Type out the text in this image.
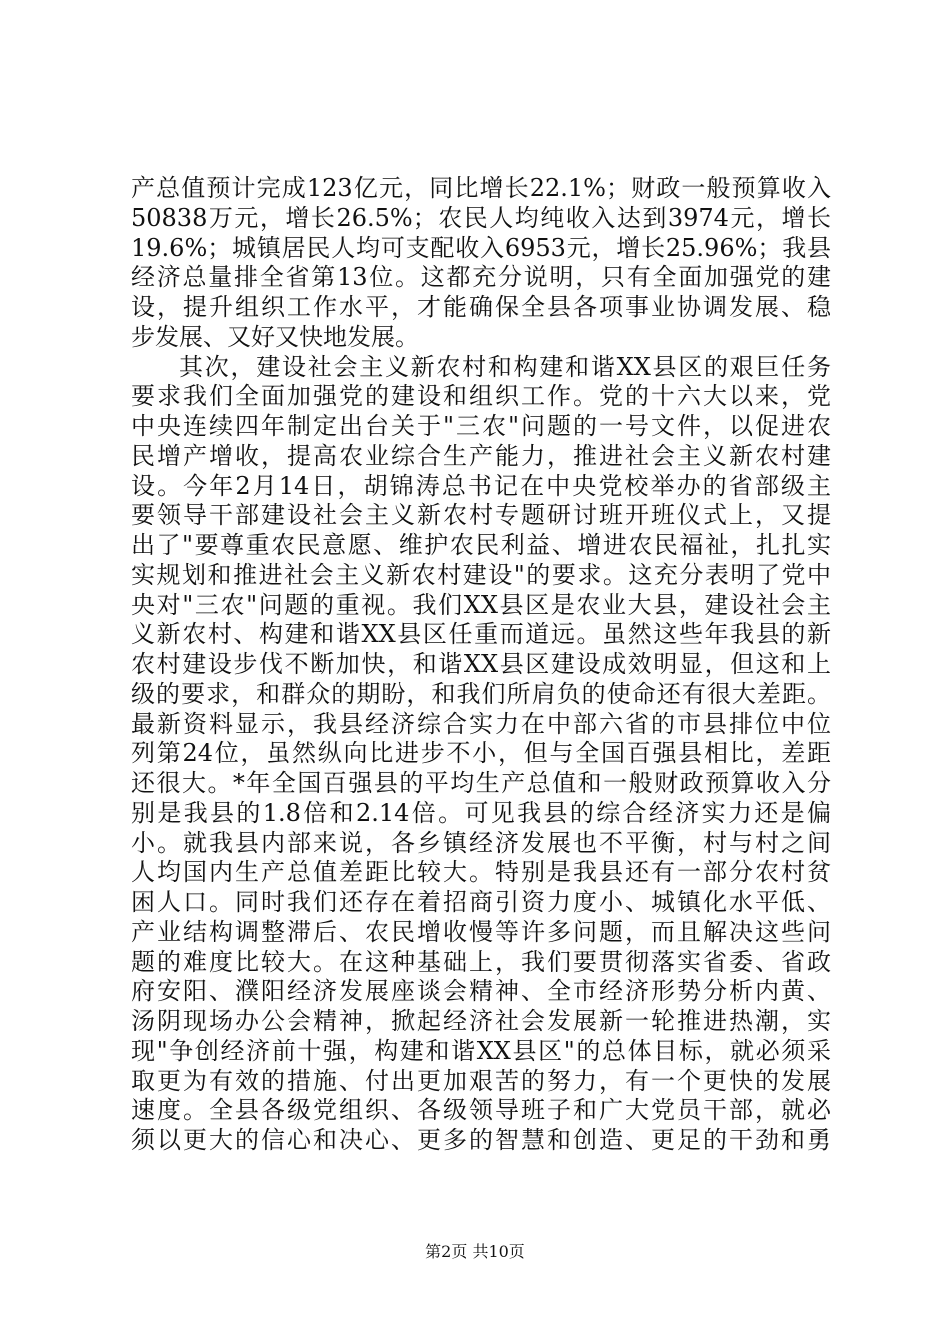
产总值预计完成123亿元，同比增长22.1%；财政一般预算收入
50838万元，增长26.5%；农民人均纯收入达到3974元，增长
19.6%；城镇居民人均可支配收入6953元，增长25.96%；我县
经济总量排全省第13位。这都充分说明，只有全面加强党的建
设，提升组织工作水平，才能确保全县各项事业协调发展、稳
步发展、又好又快地发展。
其次，建设社会主义新农村和构建和谐XX县区的艰巨任务
要求我们全面加强党的建设和组织工作。党的十六大以来，党
中央连续四年制定出台关于"三农"问题的一号文件，以促进农
民增产增收，提高农业综合生产能力，推进社会主义新农村建
设。今年2月14日，胡锦涛总书记在中央党校举办的省部级主
要领导干部建设社会主义新农村专题研讨班开班仪式上，又提
出了"要尊重农民意愿、维护农民利益、增进农民福祉，扎扎实
实规划和推进社会主义新农村建设"的要求。这充分表明了党中
央对"三农"问题的重视。我们XX县区是农业大县，建设社会主
义新农村、构建和谐XX县区任重而道远。虽然这些年我县的新
农村建设步伐不断加快，和谐XX县区建设成效明显，但这和上
级的要求，和群众的期盼，和我们所肩负的使命还有很大差距。
最新资料显示，我县经济综合实力在中部六省的市县排位中位
列第24位，虽然纵向比进步不小，但与全国百强县相比，差距
还很大。*年全国百强县的平均生产总值和一般财政预算收入分
别是我县的1.8倍和2.14倍。可见我县的综合经济实力还是偏
小。就我县内部来说，各乡镇经济发展也不平衡，村与村之间
人均国内生产总值差距比较大。特别是我县还有一部分农村贫
困人口。同时我们还存在着招商引资力度小、城镇化水平低、
产业结构调整滞后、农民增收慢等许多问题，而且解决这些问
题的难度比较大。在这种基础上，我们要贯彻落实省委、省政
府安阳、濮阳经济发展座谈会精神、全市经济形势分析内黄、
汤阴现场办公会精神，掀起经济社会发展新一轮推进热潮，实
现"争创经济前十强，构建和谐XX县区"的总体目标，就必须采
取更为有效的措施、付出更加艰苦的努力，有一个更快的发展
速度。全县各级党组织、各级领导班子和广大党员干部，就必
须以更大的信心和决心、更多的智慧和创造、更足的干劲和勇
第2页 共10页
